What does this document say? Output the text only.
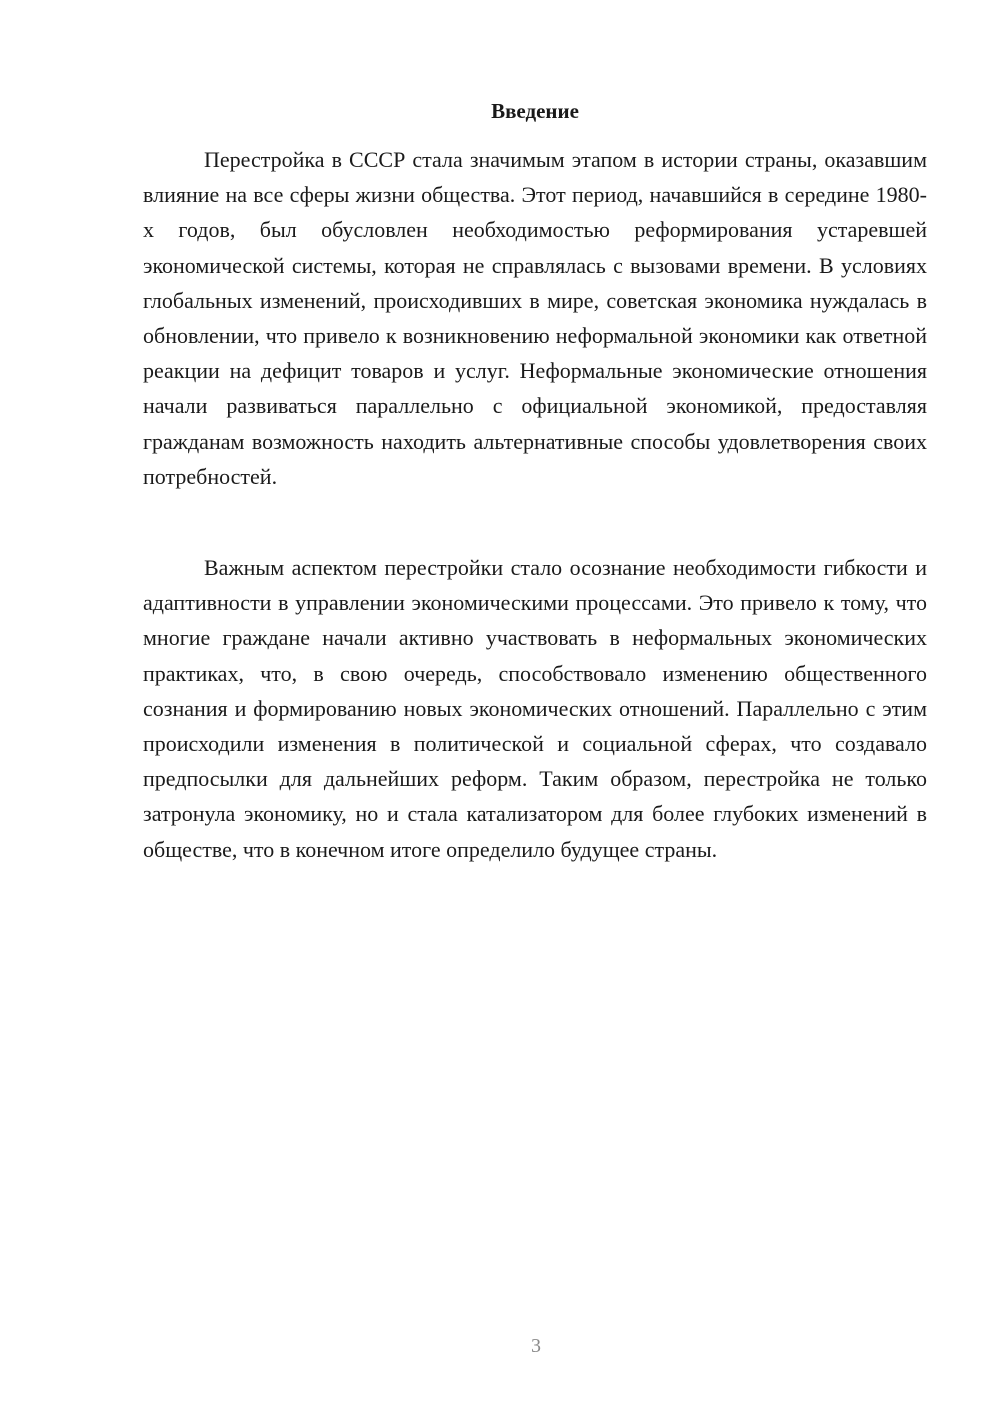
Введение

Перестройка в СССР стала значимым этапом в истории страны, оказавшим влияние на все сферы жизни общества. Этот период, начавшийся в середине 1980-х годов, был обусловлен необходимостью реформирования устаревшей экономической системы, которая не справлялась с вызовами времени. В условиях глобальных изменений, происходивших в мире, советская экономика нуждалась в обновлении, что привело к возникновению неформальной экономики как ответной реакции на дефицит товаров и услуг. Неформальные экономические отношения начали развиваться параллельно с официальной экономикой, предоставляя гражданам возможность находить альтернативные способы удовлетворения своих потребностей.

Важным аспектом перестройки стало осознание необходимости гибкости и адаптивности в управлении экономическими процессами. Это привело к тому, что многие граждане начали активно участвовать в неформальных экономических практиках, что, в свою очередь, способствовало изменению общественного сознания и формированию новых экономических отношений. Параллельно с этим происходили изменения в политической и социальной сферах, что создавало предпосылки для дальнейших реформ. Таким образом, перестройка не только затронула экономику, но и стала катализатором для более глубоких изменений в обществе, что в конечном итоге определило будущее страны.

3
